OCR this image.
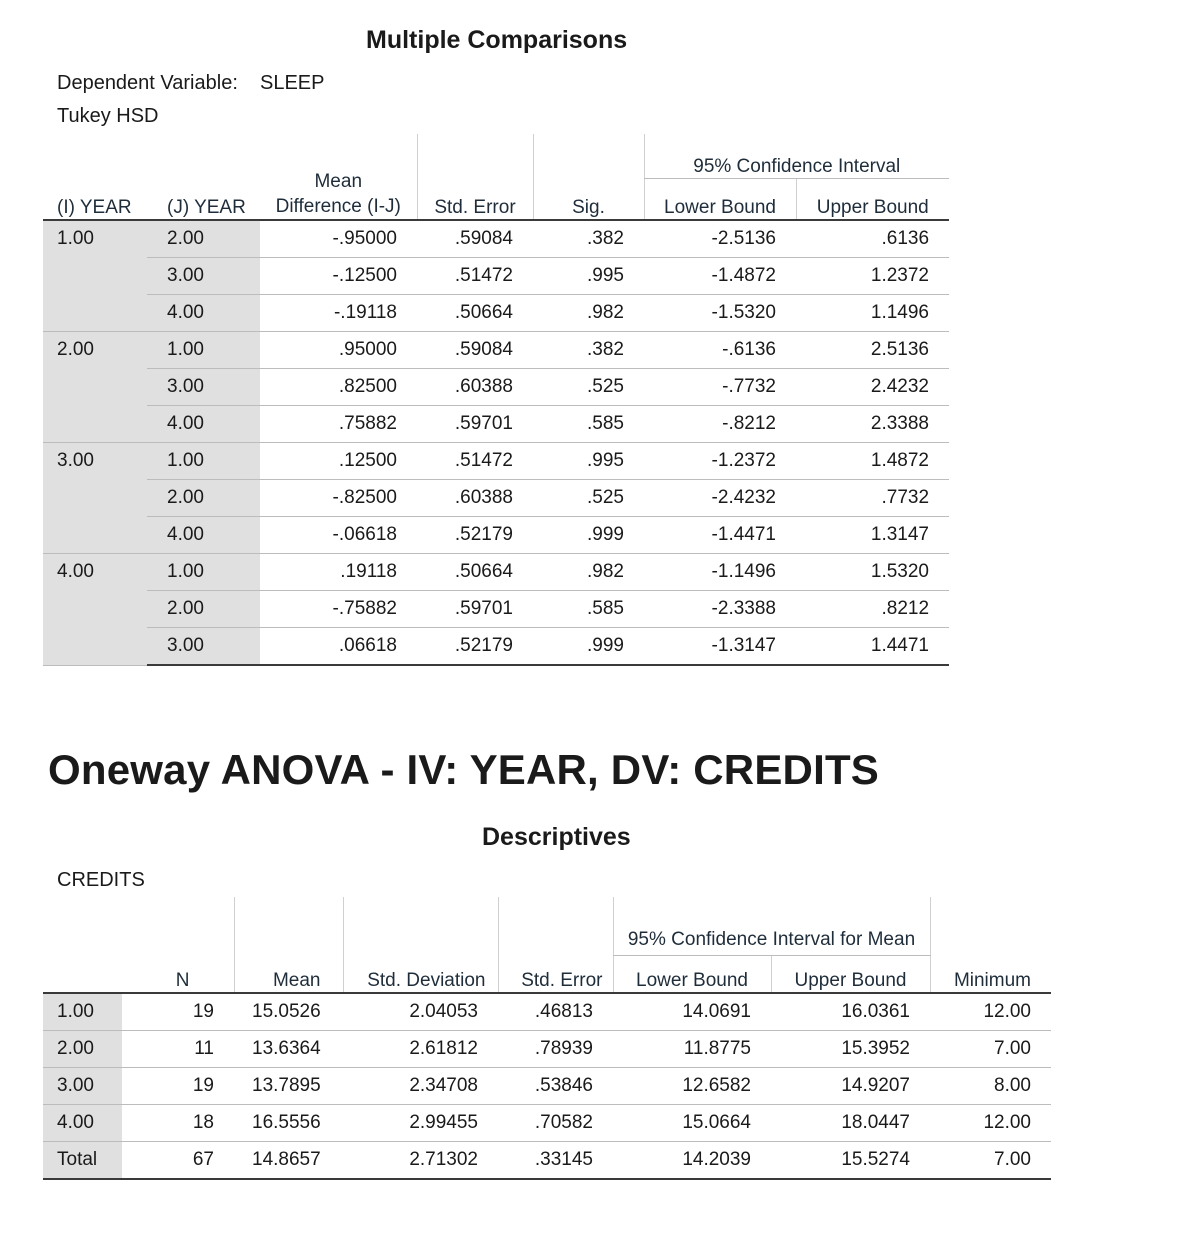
Multiple Comparisons
Dependent Variable: SLEEP
Tukey HSD
					95% Confidence Interval	
(I) YEAR	(J) YEAR	Mean
Difference (I-J)	Std. Error	Sig.	Lower Bound	Upper Bound
1.00	2.00	-.95000	.59084	.382	-2.5136	.6136
	3.00	-.12500	.51472	.995	-1.4872	1.2372
	4.00	-.19118	.50664	.982	-1.5320	1.1496
2.00	1.00	.95000	.59084	.382	-.6136	2.5136
	3.00	.82500	.60388	.525	-.7732	2.4232
	4.00	.75882	.59701	.585	-.8212	2.3388
3.00	1.00	.12500	.51472	.995	-1.2372	1.4872
	2.00	-.82500	.60388	.525	-2.4232	.7732
	4.00	-.06618	.52179	.999	-1.4471	1.3147
4.00	1.00	.19118	.50664	.982	-1.1496	1.5320
	2.00	-.75882	.59701	.585	-2.3388	.8212
	3.00	.06618	.52179	.999	-1.3147	1.4471
Oneway ANOVA - IV: YEAR, DV: CREDITS
Descriptives
CREDITS
					95% Confidence Interval for Mean		
	N	Mean	Std. Deviation	Std. Error	Lower Bound	Upper Bound	Minimum
1.00	19	15.0526	2.04053	.46813	14.0691	16.0361	12.00
2.00	11	13.6364	2.61812	.78939	11.8775	15.3952	7.00
3.00	19	13.7895	2.34708	.53846	12.6582	14.9207	8.00
4.00	18	16.5556	2.99455	.70582	15.0664	18.0447	12.00
Total	67	14.8657	2.71302	.33145	14.2039	15.5274	7.00
